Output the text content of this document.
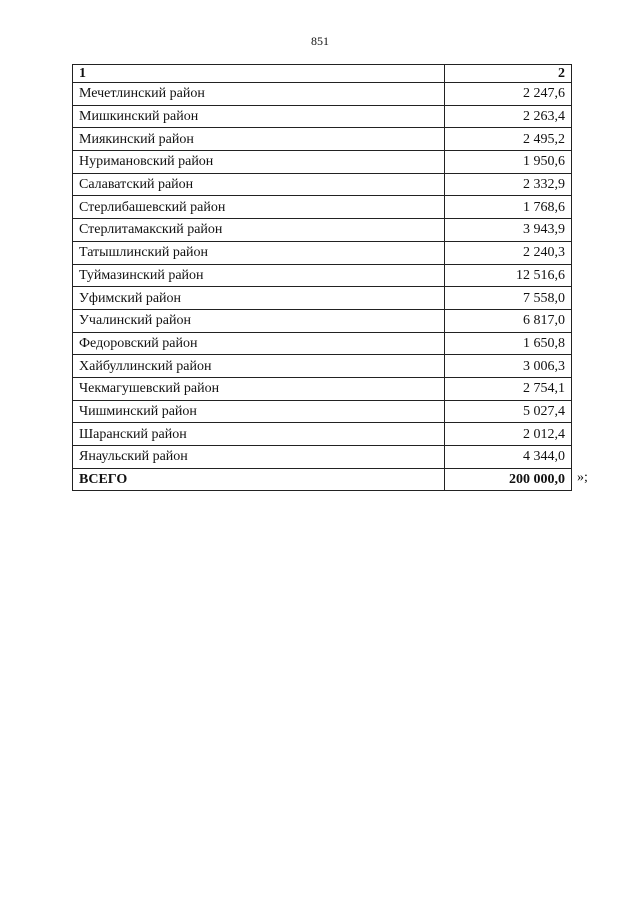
851
1	2
Мечетлинский район	2 247,6
Мишкинский район	2 263,4
Миякинский район	2 495,2
Нуримановский район	1 950,6
Салаватский район	2 332,9
Стерлибашевский район	1 768,6
Стерлитамакский район	3 943,9
Татышлинский район	2 240,3
Туймазинский район	12 516,6
Уфимский район	7 558,0
Учалинский район	6 817,0
Федоровский район	1 650,8
Хайбуллинский район	3 006,3
Чекмагушевский район	2 754,1
Чишминский район	5 027,4
Шаранский район	2 012,4
Янаульский район	4 344,0
ВСЕГО	200 000,0 »;
